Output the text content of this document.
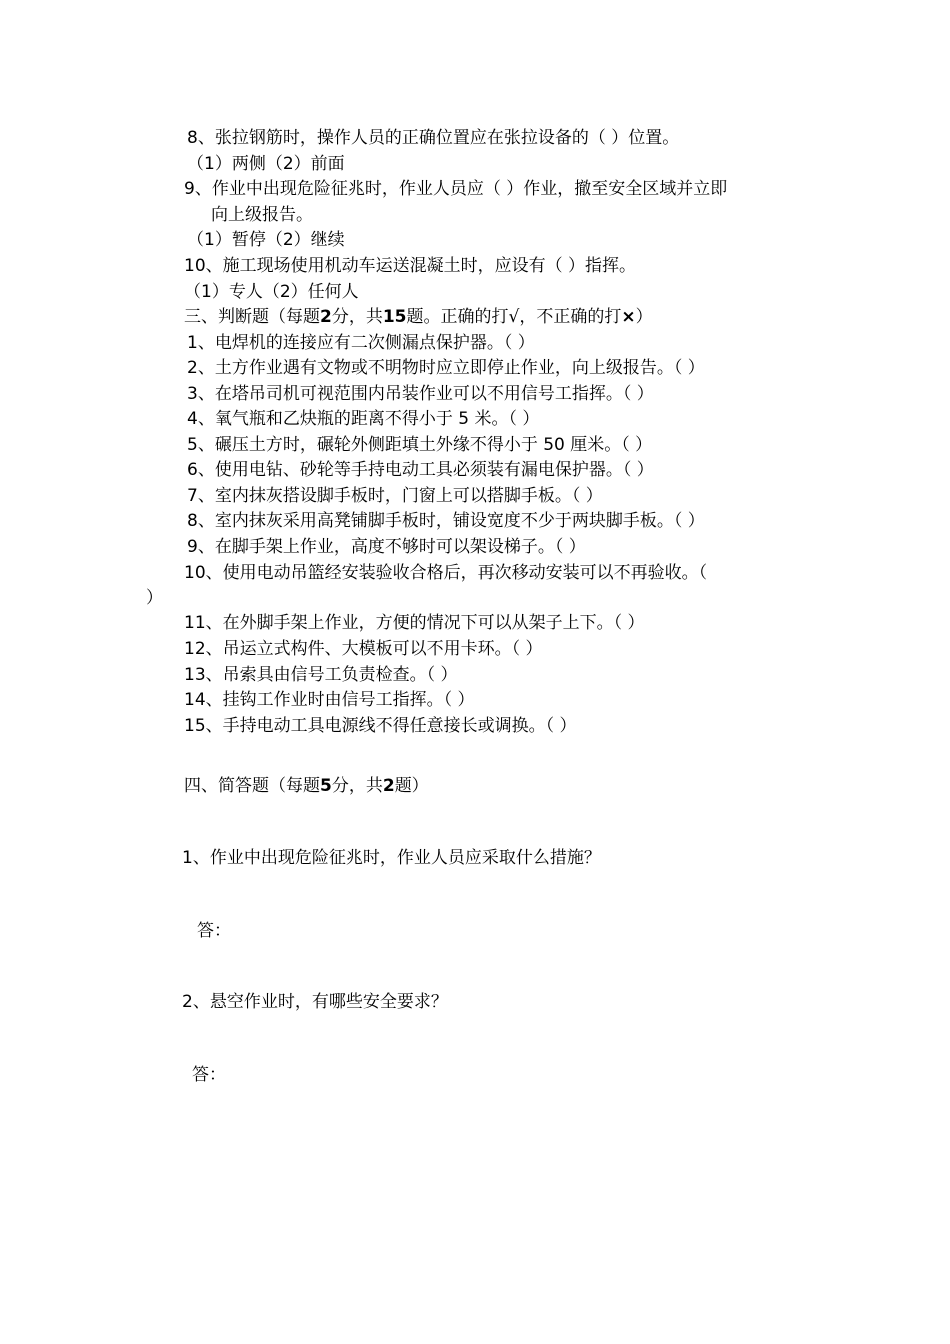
8、张拉钢筋时，操作人员的正确位置应在张拉设备的（ ）位置。
（1）两侧（2）前面
9、作业中出现危险征兆时，作业人员应（ ）作业，撤至安全区域并立即
向上级报告。
（1）暂停（2）继续
10、施工现场使用机动车运送混凝土时，应设有（ ）指挥。
（1）专人（2）任何人
三、判断题（每题2分，共15题。正确的打√，不正确的打×）
1、电焊机的连接应有二次侧漏点保护器。（ ）
2、土方作业遇有文物或不明物时应立即停止作业，向上级报告。（ ）
3、在塔吊司机可视范围内吊装作业可以不用信号工指挥。（ ）
4、氧气瓶和乙炔瓶的距离不得小于 5 米。（ ）
5、碾压土方时，碾轮外侧距填土外缘不得小于 50 厘米。（ ）
6、使用电钻、砂轮等手持电动工具必须装有漏电保护器。（ ）
7、室内抹灰搭设脚手板时，门窗上可以搭脚手板。（ ）
8、室内抹灰采用高凳铺脚手板时，铺设宽度不少于两块脚手板。（ ）
9、在脚手架上作业，高度不够时可以架设梯子。（ ）
10、使用电动吊篮经安装验收合格后，再次移动安装可以不再验收。（
）
11、在外脚手架上作业，方便的情况下可以从架子上下。（ ）
12、吊运立式构件、大模板可以不用卡环。（ ）
13、吊索具由信号工负责检查。（ ）
14、挂钩工作业时由信号工指挥。（ ）
15、手持电动工具电源线不得任意接长或调换。（ ）
四、简答题（每题5分，共2题）
1、作业中出现危险征兆时，作业人员应采取什么措施？
答：
2、悬空作业时，有哪些安全要求？
答：
